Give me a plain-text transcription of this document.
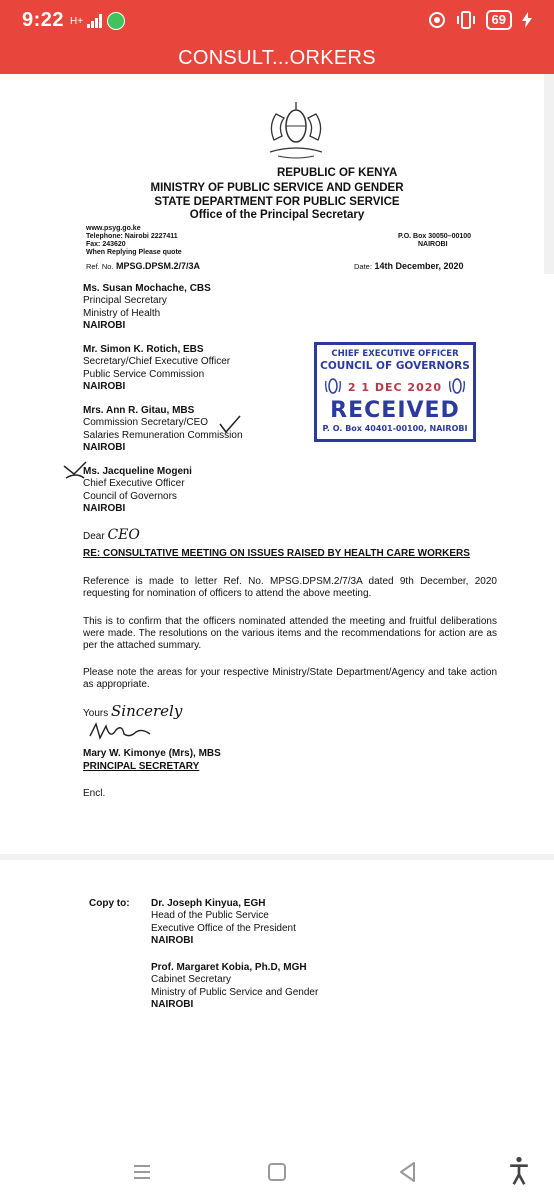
9:22 H+	69
CONSULT...ORKERS
REPUBLIC OF KENYA
MINISTRY OF PUBLIC SERVICE AND GENDER
STATE DEPARTMENT FOR PUBLIC SERVICE
Office of the Principal Secretary
www.psyg.go.ke
Telephone: Nairobi 2227411
Fax: 243620
When Replying Please quote
P.O. Box 30050–00100
NAIROBI
Ref. No. MPSG.DPSM.2/7/3A	Date: 14th December, 2020
Ms. Susan Mochache, CBS
Principal Secretary
Ministry of Health
NAIROBI
Mr. Simon K. Rotich, EBS
Secretary/Chief Executive Officer
Public Service Commission
NAIROBI
Mrs. Ann R. Gitau, MBS
Commission Secretary/CEO
Salaries Remuneration Commission
NAIROBI
Ms. Jacqueline Mogeni
Chief Executive Officer
Council of Governors
NAIROBI
CHIEF EXECUTIVE OFFICER
COUNCIL OF GOVERNORS
2 1 DEC 2020
RECEIVED
P. O. Box 40401-00100, NAIROBI
Dear CEO
RE: CONSULTATIVE MEETING ON ISSUES RAISED BY HEALTH CARE WORKERS
Reference is made to letter Ref. No. MPSG.DPSM.2/7/3A dated 9th December, 2020 requesting for nomination of officers to attend the above meeting.
This is to confirm that the officers nominated attended the meeting and fruitful deliberations were made. The resolutions on the various items and the recommendations for action are as per the attached summary.
Please note the areas for your respective Ministry/State Department/Agency and take action as appropriate.
Yours Sincerely
Mary W. Kimonye (Mrs), MBS
PRINCIPAL SECRETARY
Encl.
Copy to: Dr. Joseph Kinyua, EGH
Head of the Public Service
Executive Office of the President
NAIROBI
Prof. Margaret Kobia, Ph.D, MGH
Cabinet Secretary
Ministry of Public Service and Gender
NAIROBI
